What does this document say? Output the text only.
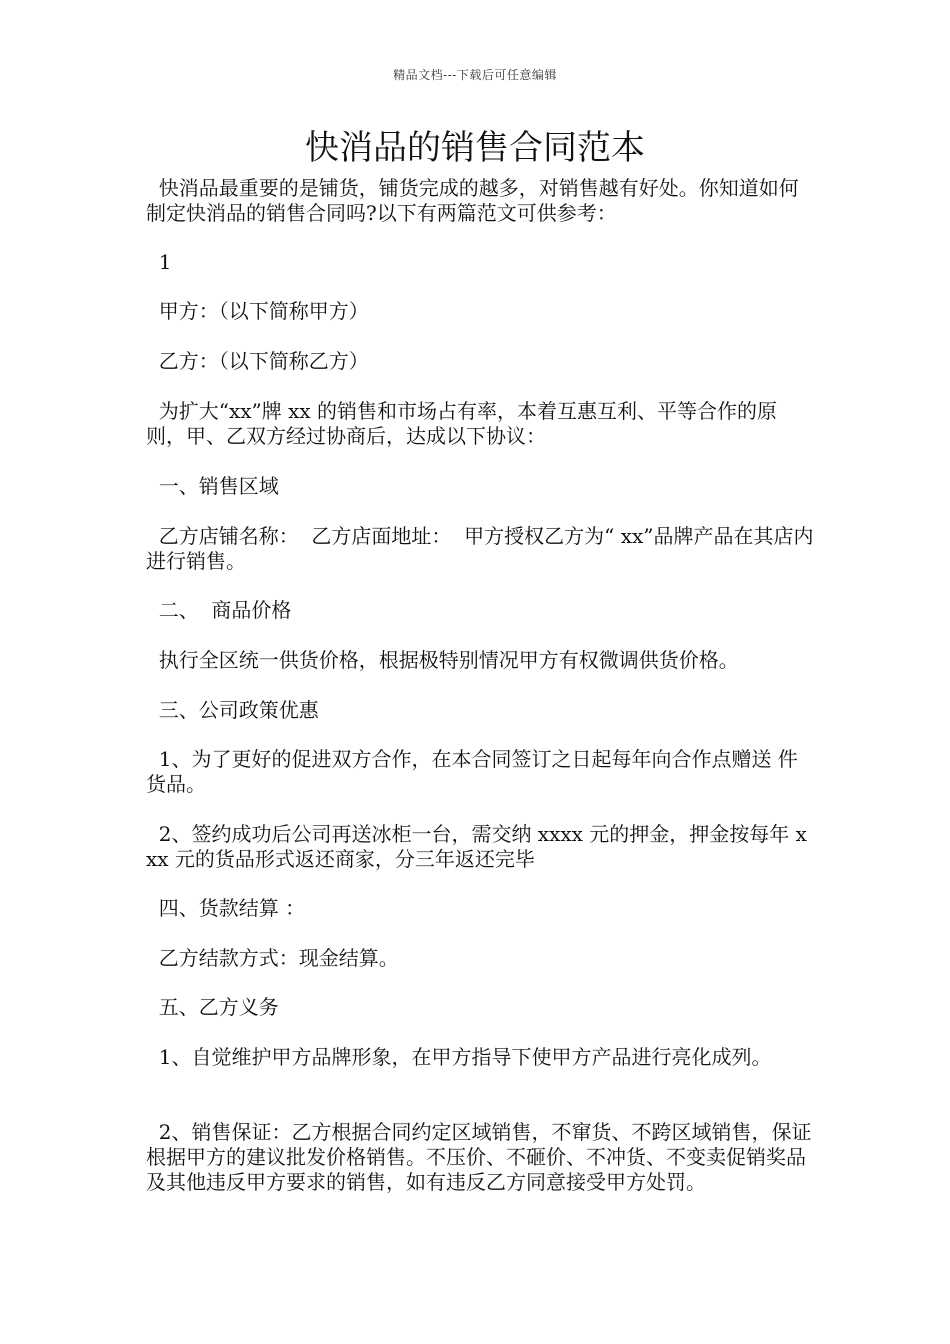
精品文档---下载后可任意编辑
快消品的销售合同范本

快消品最重要的是铺货，铺货完成的越多，对销售越有好处。你知道如何制定快消品的销售合同吗?以下有两篇范文可供参考：

1

甲方：（以下简称甲方）

乙方：（以下简称乙方）

为扩大“xx”牌 xx 的销售和市场占有率，本着互惠互利、平等合作的原则，甲、乙双方经过协商后，达成以下协议：

一、销售区域

乙方店铺名称：  乙方店面地址：  甲方授权乙方为“ xx”品牌产品在其店内进行销售。

二、  商品价格

执行全区统一供货价格，根据极特别情况甲方有权微调供货价格。

三、公司政策优惠

1、为了更好的促进双方合作，在本合同签订之日起每年向合作点赠送 件货品。

2、签约成功后公司再送冰柜一台，需交纳 xxxx 元的押金，押金按每年 xxx 元的货品形式返还商家，分三年返还完毕

四、货款结算 ：

乙方结款方式：现金结算。

五、乙方义务

1、自觉维护甲方品牌形象，在甲方指导下使甲方产品进行亮化成列。

2、销售保证：乙方根据合同约定区域销售，不窜货、不跨区域销售，保证根据甲方的建议批发价格销售。不压价、不砸价、不冲货、不变卖促销奖品及其他违反甲方要求的销售，如有违反乙方同意接受甲方处罚。
